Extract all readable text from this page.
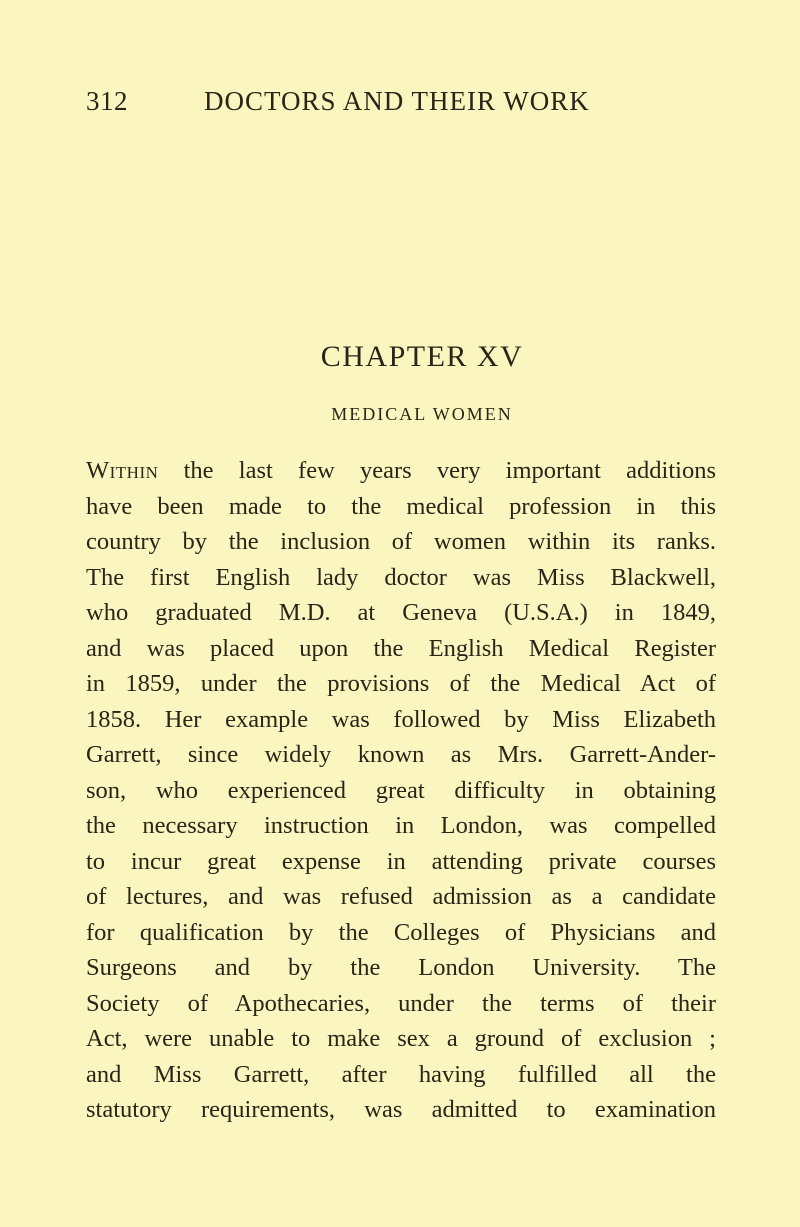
312	DOCTORS AND THEIR WORK
CHAPTER XV
MEDICAL WOMEN
Within the last few years very important additions
have been made to the medical profession in this
country by the inclusion of women within its ranks.
The first English lady doctor was Miss Blackwell,
who graduated M.D. at Geneva (U.S.A.) in 1849,
and was placed upon the English Medical Register
in 1859, under the provisions of the Medical Act of
1858. Her example was followed by Miss Elizabeth
Garrett, since widely known as Mrs. Garrett-Ander-
son, who experienced great difficulty in obtaining
the necessary instruction in London, was compelled
to incur great expense in attending private courses
of lectures, and was refused admission as a candidate
for qualification by the Colleges of Physicians and
Surgeons and by the London University. The
Society of Apothecaries, under the terms of their
Act, were unable to make sex a ground of exclusion ;
and Miss Garrett, after having fulfilled all the
statutory requirements, was admitted to examination
